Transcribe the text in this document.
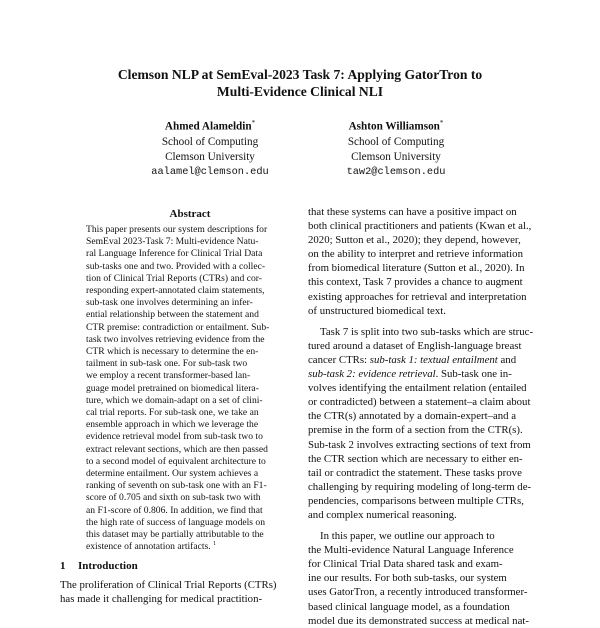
Clemson NLP at SemEval-2023 Task 7: Applying GatorTron to
Multi-Evidence Clinical NLI
Ahmed Alameldin*
School of Computing
Clemson University
aalamel@clemson.edu
Ashton Williamson*
School of Computing
Clemson University
taw2@clemson.edu
Abstract
This paper presents our system descriptions for
SemEval 2023-Task 7: Multi-evidence Natu-
ral Language Inference for Clinical Trial Data
sub-tasks one and two. Provided with a collec-
tion of Clinical Trial Reports (CTRs) and cor-
responding expert-annotated claim statements,
sub-task one involves determining an infer-
ential relationship between the statement and
CTR premise: contradiction or entailment. Sub-
task two involves retrieving evidence from the
CTR which is necessary to determine the en-
tailment in sub-task one. For sub-task two
we employ a recent transformer-based lan-
guage model pretrained on biomedical litera-
ture, which we domain-adapt on a set of clini-
cal trial reports. For sub-task one, we take an
ensemble approach in which we leverage the
evidence retrieval model from sub-task two to
extract relevant sections, which are then passed
to a second model of equivalent architecture to
determine entailment. Our system achieves a
ranking of seventh on sub-task one with an F1-
score of 0.705 and sixth on sub-task two with
an F1-score of 0.806. In addition, we find that
the high rate of success of language models on
this dataset may be partially attributable to the
existence of annotation artifacts. $^1$
1 Introduction
The proliferation of Clinical Trial Reports (CTRs)
has made it challenging for medical practition-
that these systems can have a positive impact on
both clinical practitioners and patients (Kwan et al.,
2020; Sutton et al., 2020); they depend, however,
on the ability to interpret and retrieve information
from biomedical literature (Sutton et al., 2020). In
this context, Task 7 provides a chance to augment
existing approaches for retrieval and interpretation
of unstructured biomedical text.
Task 7 is split into two sub-tasks which are struc-
tured around a dataset of English-language breast
cancer CTRs: sub-task 1: textual entailment and
sub-task 2: evidence retrieval. Sub-task one in-
volves identifying the entailment relation (entailed
or contradicted) between a statement–a claim about
the CTR(s) annotated by a domain-expert–and a
premise in the form of a section from the CTR(s).
Sub-task 2 involves extracting sections of text from
the CTR section which are necessary to either en-
tail or contradict the statement. These tasks prove
challenging by requiring modeling of long-term de-
pendencies, comparisons between multiple CTRs,
and complex numerical reasoning.
In this paper, we outline our approach to
the Multi-evidence Natural Language Inference
for Clinical Trial Data shared task and exam-
ine our results. For both sub-tasks, our system
uses GatorTron, a recently introduced transformer-
based clinical language model, as a foundation
model due its demonstrated success at medical nat-
